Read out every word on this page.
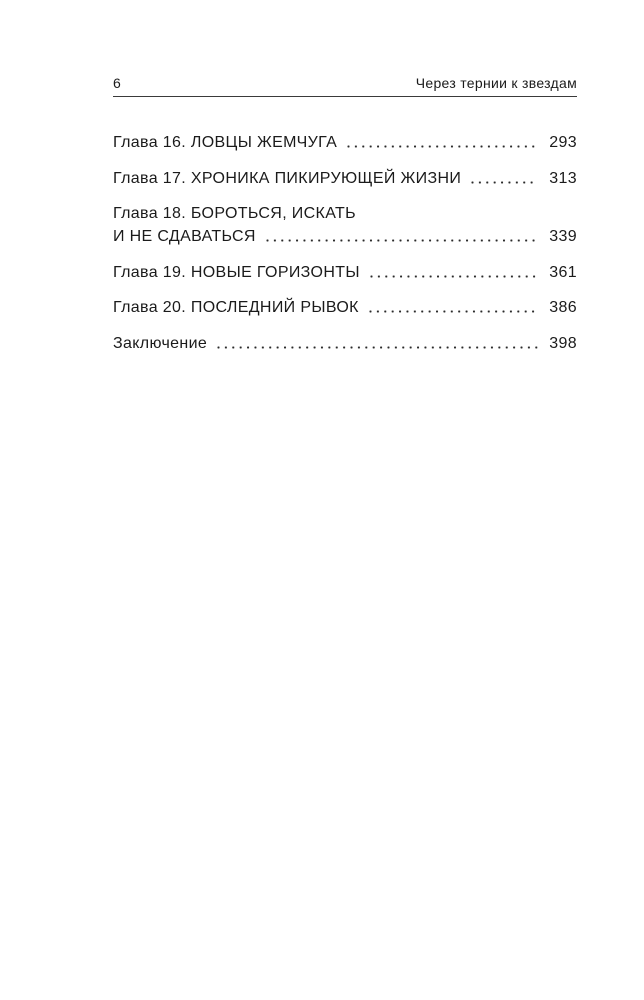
6	Через тернии к звездам
Глава 16. ЛОВЦЫ ЖЕМЧУГА	293
Глава 17. ХРОНИКА ПИКИРУЮЩЕЙ ЖИЗНИ	313
Глава 18. БОРОТЬСЯ, ИСКАТЬ
И НЕ СДАВАТЬСЯ	339
Глава 19. НОВЫЕ ГОРИЗОНТЫ	361
Глава 20. ПОСЛЕДНИЙ РЫВОК	386
Заключение	398
